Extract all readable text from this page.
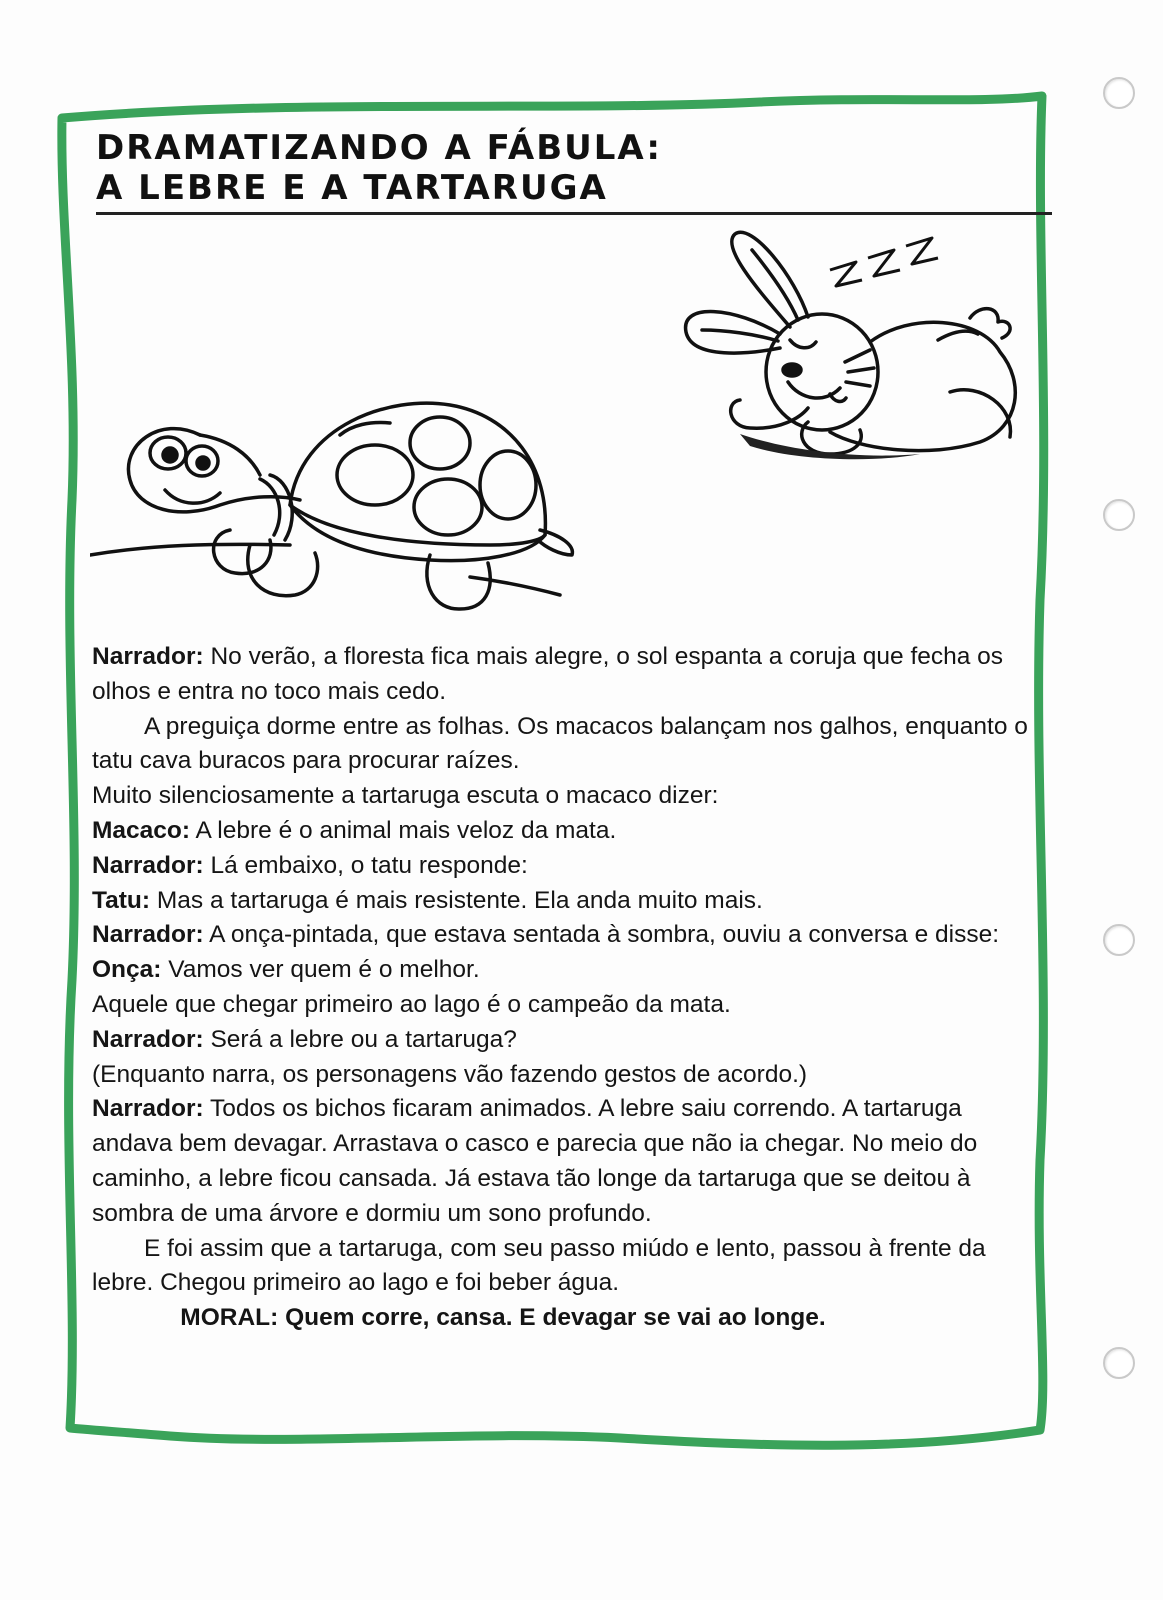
DRAMATIZANDO A FÁBULA:
A LEBRE E A TARTARUGA

Narrador: No verão, a floresta fica mais alegre, o sol espanta a coruja que fecha os olhos e entra no toco mais cedo.

A preguiça dorme entre as folhas. Os macacos balançam nos galhos, enquanto o tatu cava buracos para procurar raízes.

Muito silenciosamente a tartaruga escuta o macaco dizer:

Macaco: A lebre é o animal mais veloz da mata.

Narrador: Lá embaixo, o tatu responde:

Tatu: Mas a tartaruga é mais resistente. Ela anda muito mais.

Narrador: A onça-pintada, que estava sentada à sombra, ouviu a conversa e disse:

Onça: Vamos ver quem é o melhor.

Aquele que chegar primeiro ao lago é o campeão da mata.

Narrador: Será a lebre ou a tartaruga?

(Enquanto narra, os personagens vão fazendo gestos de acordo.)

Narrador: Todos os bichos ficaram animados. A lebre saiu correndo. A tartaruga andava bem devagar. Arrastava o casco e parecia que não ia chegar. No meio do caminho, a lebre ficou cansada. Já estava tão longe da tartaruga que se deitou à sombra de uma árvore e dormiu um sono profundo.

E foi assim que a tartaruga, com seu passo miúdo e lento, passou à frente da lebre. Chegou primeiro ao lago e foi beber água.

MORAL: Quem corre, cansa. E devagar se vai ao longe.
